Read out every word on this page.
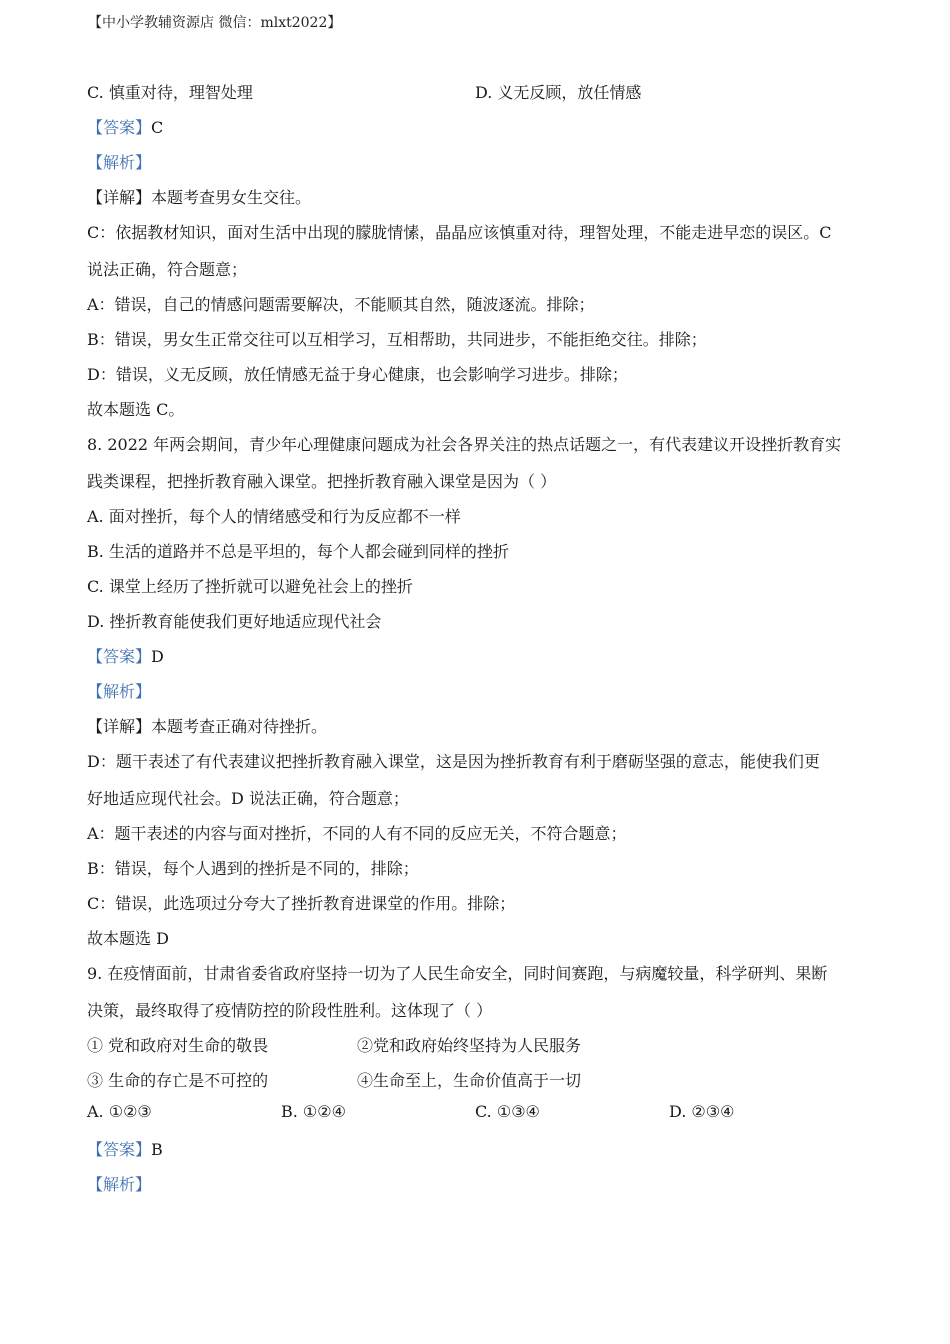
【中小学教辅资源店 微信：mlxt2022】
C. 慎重对待，理智处理	D. 义无反顾，放任情感
【答案】C
【解析】
【详解】本题考查男女生交往。
C：依据教材知识，面对生活中出现的朦胧情愫，晶晶应该慎重对待，理智处理，不能走进早恋的误区。C
说法正确，符合题意；
A：错误，自己的情感问题需要解决，不能顺其自然，随波逐流。排除；
B：错误，男女生正常交往可以互相学习，互相帮助，共同进步，不能拒绝交往。排除；
D：错误，义无反顾，放任情感无益于身心健康，也会影响学习进步。排除；
故本题选 C。
8. 2022 年两会期间，青少年心理健康问题成为社会各界关注的热点话题之一，有代表建议开设挫折教育实
践类课程，把挫折教育融入课堂。把挫折教育融入课堂是因为（ ）
A. 面对挫折，每个人的情绪感受和行为反应都不一样
B. 生活的道路并不总是平坦的，每个人都会碰到同样的挫折
C. 课堂上经历了挫折就可以避免社会上的挫折
D. 挫折教育能使我们更好地适应现代社会
【答案】D
【解析】
【详解】本题考查正确对待挫折。
D：题干表述了有代表建议把挫折教育融入课堂，这是因为挫折教育有利于磨砺坚强的意志，能使我们更
好地适应现代社会。D 说法正确，符合题意；
A：题干表述的内容与面对挫折，不同的人有不同的反应无关，不符合题意；
B：错误，每个人遇到的挫折是不同的，排除；
C：错误，此选项过分夸大了挫折教育进课堂的作用。排除；
故本题选 D
9. 在疫情面前，甘肃省委省政府坚持一切为了人民生命安全，同时间赛跑，与病魔较量，科学研判、果断
决策，最终取得了疫情防控的阶段性胜利。这体现了（ ）
① 党和政府对生命的敬畏	②党和政府始终坚持为人民服务
③ 生命的存亡是不可控的	④生命至上，生命价值高于一切
A. ①②③	B. ①②④	C. ①③④	D. ②③④
【答案】B
【解析】
